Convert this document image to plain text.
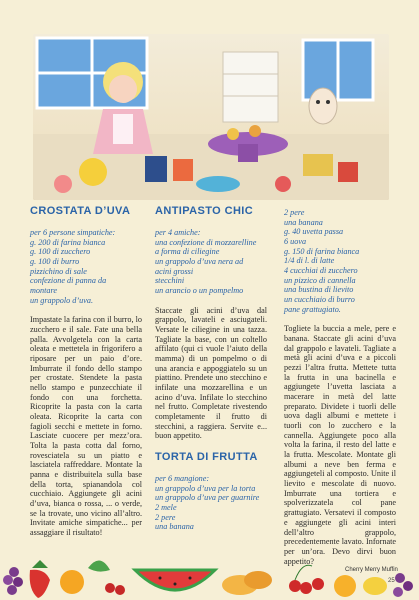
CROSTATA D’UVA
per 6 persone simpatiche:
g. 200 di farina bianca
g. 100 di zucchero
g. 100 di burro
pizzichino di sale
confezione di panna da
montare
un grappolo d’uva.
Impastate la farina con il burro, lo zucchero e il sale. Fate una bella palla. Avvolgetela con la carta oleata e mettetela in frigorifero a riposare per un paio d’ore. Imburrate il fondo dello stampo per crostate. Stendete la pasta nello stampo e punzecchiate il fondo con una forchetta. Ricoprite la pasta con la carta oleata. Ricoprite la carta con fagioli secchi e mettete in forno. Lasciate cuocere per mezz’ora. Tolta la pasta cotta dal forno, rovesciatela su un piatto e lasciatela raffreddare. Montate la panna e distribuitela sulla base della torta, spianandola col cucchiaio. Aggiungete gli acini d’uva, bianca o rossa, ... o verde, se la trovate, uno vicino all’altro. Invitate amiche simpatiche... per assaggiare il risultato!
ANTIPASTO CHIC
per 4 amiche:
una confezione di mozzarelline
a forma di ciliegine
un grappolo d’uva nera ad
acini grossi
stecchini
un arancio o un pompelmo
Staccate gli acini d’uva dal grappolo, lavateli e asciugateli. Versate le ciliegine in una tazza. Tagliate la base, con un coltello affilato (qui ci vuole l’aiuto della mamma) di un pompelmo o di una arancia e appoggiatelo su un piattino. Prendete uno stecchino e infilate una mozzarellina e un acino d’uva. Infilate lo stecchino nel frutto. Completate rivestendo completamente il frutto di stecchini, a raggiera. Servite e... buon appetito.
TORTA DI FRUTTA
per 6 mangione:
un grappolo d’uva per la torta
un grappolo d’uva per guarnire
2 mele
2 pere
una banana
2 pere
una banana
g. 40 uvetta passa
6 uova
g. 150 di farina bianca
1/4 di l. di latte
4 cucchiai di zucchero
un pizzico di cannella
una bustina di lievito
un cucchiaio di burro
pane grattugiato.
Togliete la buccia a mele, pere e banana. Staccate gli acini d’uva dal grappolo e lavateli. Tagliate a metà gli acini d’uva e a piccoli pezzi l’altra frutta. Mettete tutta la frutta in una bacinella e aggiungete l’uvetta lasciata a macerare in metà del latte preparato. Dividete i tuorli delle uova dagli albumi e mettete i tuorli con lo zucchero e la cannella. Aggiungete poco alla volta la farina, il resto del latte e la frutta. Mescolate. Montate gli albumi a neve ben ferma e aggiungeteli al composto. Unite il lievito e mescolate di nuovo. Imburrate una tortiera e spolverizzatela col pane grattugiato. Versatevi il composto e aggiungete gli acini interi dell’altro grappolo, precedentemente lavato. Infornate per un’ora. Devo dirvi buon appetito?
Cherry Merry Muffin
25
